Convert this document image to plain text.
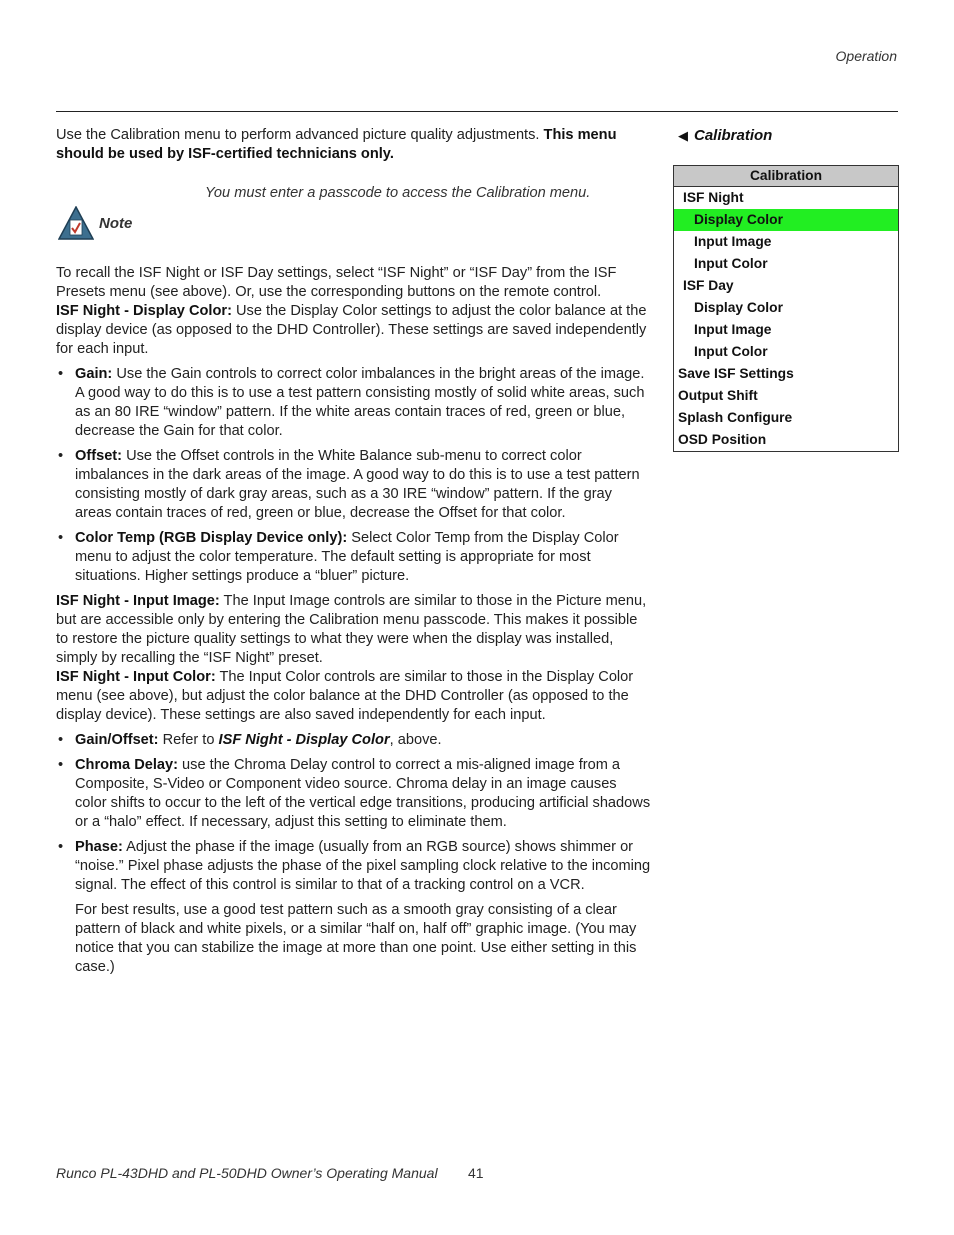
Operation

Use the Calibration menu to perform advanced picture quality adjustments. This menu should be used by ISF-certified technicians only.

Note
You must enter a passcode to access the Calibration menu.

To recall the ISF Night or ISF Day settings, select “ISF Night” or “ISF Day” from the ISF Presets menu (see above). Or, use the corresponding buttons on the remote control.

ISF Night - Display Color: Use the Display Color settings to adjust the color balance at the display device (as opposed to the DHD Controller). These settings are saved independently for each input.

• Gain: Use the Gain controls to correct color imbalances in the bright areas of the image. A good way to do this is to use a test pattern consisting mostly of solid white areas, such as an 80 IRE “window” pattern. If the white areas contain traces of red, green or blue, decrease the Gain for that color.
• Offset: Use the Offset controls in the White Balance sub-menu to correct color imbalances in the dark areas of the image. A good way to do this is to use a test pattern consisting mostly of dark gray areas, such as a 30 IRE “window” pattern. If the gray areas contain traces of red, green or blue, decrease the Offset for that color.
• Color Temp (RGB Display Device only): Select Color Temp from the Display Color menu to adjust the color temperature. The default setting is appropriate for most situations. Higher settings produce a “bluer” picture.

ISF Night - Input Image: The Input Image controls are similar to those in the Picture menu, but are accessible only by entering the Calibration menu passcode. This makes it possible to restore the picture quality settings to what they were when the display was installed, simply by recalling the “ISF Night” preset.

ISF Night - Input Color: The Input Color controls are similar to those in the Display Color menu (see above), but adjust the color balance at the DHD Controller (as opposed to the display device). These settings are also saved independently for each input.

• Gain/Offset: Refer to ISF Night - Display Color, above.
• Chroma Delay: use the Chroma Delay control to correct a mis-aligned image from a Composite, S-Video or Component video source. Chroma delay in an image causes color shifts to occur to the left of the vertical edge transitions, producing artificial shadows or a “halo” effect. If necessary, adjust this setting to eliminate them.
• Phase: Adjust the phase if the image (usually from an RGB source) shows shimmer or “noise.” Pixel phase adjusts the phase of the pixel sampling clock relative to the incoming signal. The effect of this control is similar to that of a tracking control on a VCR.

For best results, use a good test pattern such as a smooth gray consisting of a clear pattern of black and white pixels, or a similar “half on, half off” graphic image. (You may notice that you can stabilize the image at more than one point. Use either setting in this case.)

◀ Calibration
Calibration
ISF Night
Display Color
Input Image
Input Color
ISF Day
Display Color
Input Image
Input Color
Save ISF Settings
Output Shift
Splash Configure
OSD Position
Runco PL-43DHD and PL-50DHD Owner’s Operating Manual 41
